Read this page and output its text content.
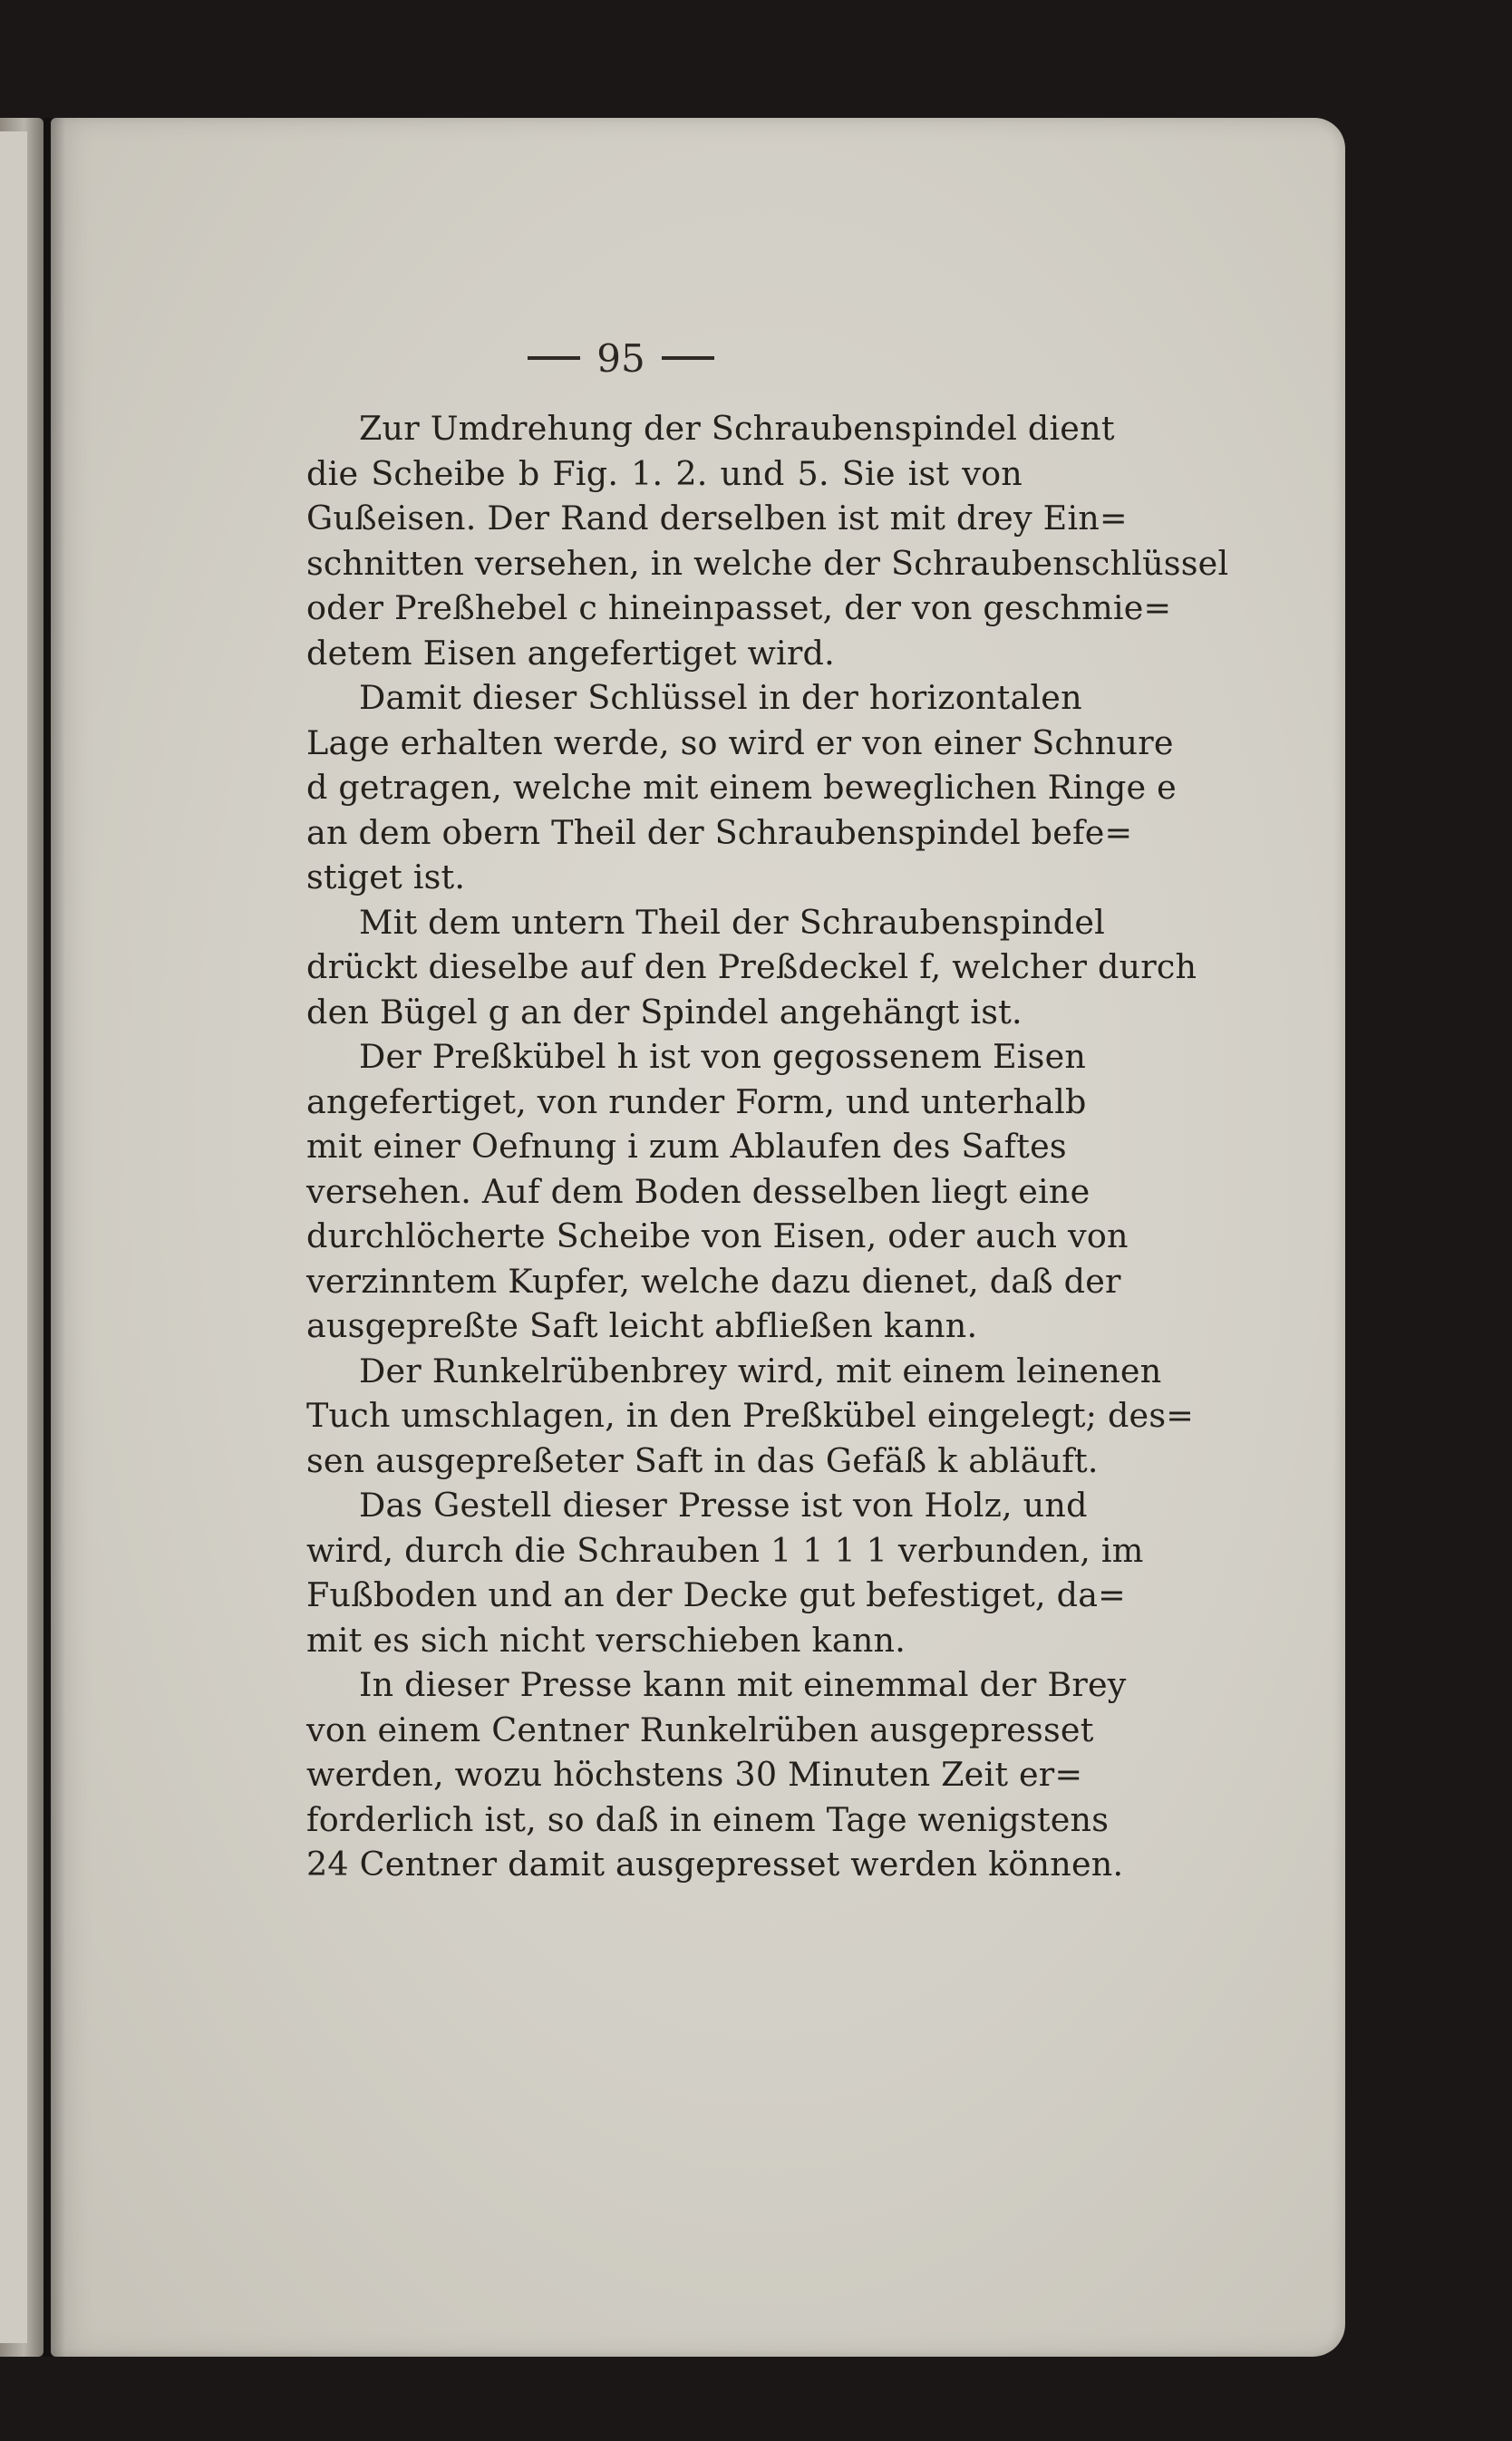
95
Zur Umdrehung der Schraubenspindel dient
die Scheibe b Fig. 1. 2. und 5. Sie ist von
Gußeisen. Der Rand derselben ist mit drey Ein=
schnitten versehen, in welche der Schraubenschlüssel
oder Preßhebel c hineinpasset, der von geschmie=
detem Eisen angefertiget wird.
Damit dieser Schlüssel in der horizontalen
Lage erhalten werde, so wird er von einer Schnure
d getragen, welche mit einem beweglichen Ringe e
an dem obern Theil der Schraubenspindel befe=
stiget ist.
Mit dem untern Theil der Schraubenspindel
drückt dieselbe auf den Preßdeckel f, welcher durch
den Bügel g an der Spindel angehängt ist.
Der Preßkübel h ist von gegossenem Eisen
angefertiget, von runder Form, und unterhalb
mit einer Oefnung i zum Ablaufen des Saftes
versehen. Auf dem Boden desselben liegt eine
durchlöcherte Scheibe von Eisen, oder auch von
verzinntem Kupfer, welche dazu dienet, daß der
ausgepreßte Saft leicht abfließen kann.
Der Runkelrübenbrey wird, mit einem leinenen
Tuch umschlagen, in den Preßkübel eingelegt; des=
sen ausgepreßeter Saft in das Gefäß k abläuft.
Das Gestell dieser Presse ist von Holz, und
wird, durch die Schrauben 1 1 1 1 verbunden, im
Fußboden und an der Decke gut befestiget, da=
mit es sich nicht verschieben kann.
In dieser Presse kann mit einemmal der Brey
von einem Centner Runkelrüben ausgepresset
werden, wozu höchstens 30 Minuten Zeit er=
forderlich ist, so daß in einem Tage wenigstens
24 Centner damit ausgepresset werden können.
